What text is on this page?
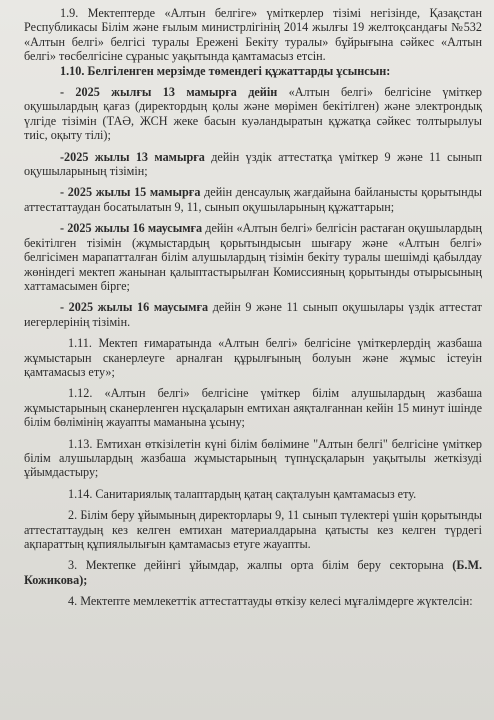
1.9. Мектептерде «Алтын белгіге» үміткерлер тізімі негізінде, Қазақстан Республикасы Білім және ғылым министрлігінің 2014 жылғы 19 желтоқсандағы №532 «Алтын белгі» белгісі туралы Ережені Бекіту туралы» бұйрығына сәйкес «Алтын белгі» төсбелгісіне сұраныс уақытында қамтамасыз етсін.

1.10. Белгіленген мерзімде төмендегі құжаттарды ұсынсын:

- 2025 жылғы 13 мамырға дейін «Алтын белгі» белгісіне үміткер оқушылардың қағаз (директордың қолы және мөрімен бекітілген) және электрондық үлгіде тізімін (ТАӘ, ЖСН жеке басын куәландыратын құжатқа сәйкес толтырылуы тиіс, оқыту тілі);

-2025 жылы 13 мамырға дейін үздік аттестатқа үміткер 9 және 11 сынып оқушыларының тізімін;

- 2025 жылы 15 мамырға дейін денсаулық жағдайына байланысты қорытынды аттестаттаудан босатылатын 9, 11, сынып оқушыларының құжаттарын;

- 2025 жылы 16 маусымға дейін «Алтын белгі» белгісін растаған оқушылардың бекітілген тізімін (жұмыстардың қорытындысын шығару және «Алтын белгі» белгісімен марапатталған білім алушылардың тізімін бекіту туралы шешімді қабылдау жөніндегі мектеп жанынан қалыптастырылған Комиссияның қорытынды отырысының хаттамасымен бірге;

- 2025 жылы 16 маусымға дейін 9 және 11 сынып оқушылары үздік аттестат иегерлерінің тізімін.

1.11. Мектеп ғимаратында «Алтын белгі» белгісіне үміткерлердің жазбаша жұмыстарын сканерлеуге арналған құрылғының болуын және жұмыс істеуін қамтамасыз ету»;

1.12. «Алтын белгі» белгісіне үміткер білім алушылардың жазбаша жұмыстарының сканерленген нұсқаларын емтихан аяқталғаннан кейін 15 минут ішінде білім бөлімінің жауапты маманына ұсыну;

1.13. Емтихан өткізілетін күні білім бөлімине "Алтын белгі" белгісіне үміткер білім алушылардың жазбаша жұмыстарының түпнұсқаларын уақытылы жеткізуді ұйымдастыру;

1.14. Санитариялық талаптардың қатаң сақталуын қамтамасыз ету.

2. Білім беру ұйымының директорлары 9, 11 сынып түлектері үшін қорытынды аттестаттаудың кез келген емтихан материалдарына қатысты кез келген түрдегі ақпараттың құпиялылығын қамтамасыз етуге жауапты.

3. Мектепке дейінгі ұйымдар, жалпы орта білім беру секторына (Б.М. Кожикова);

4. Мектепте мемлекеттік аттестаттауды өткізу келесі мұғалімдерге жүктелсін:
